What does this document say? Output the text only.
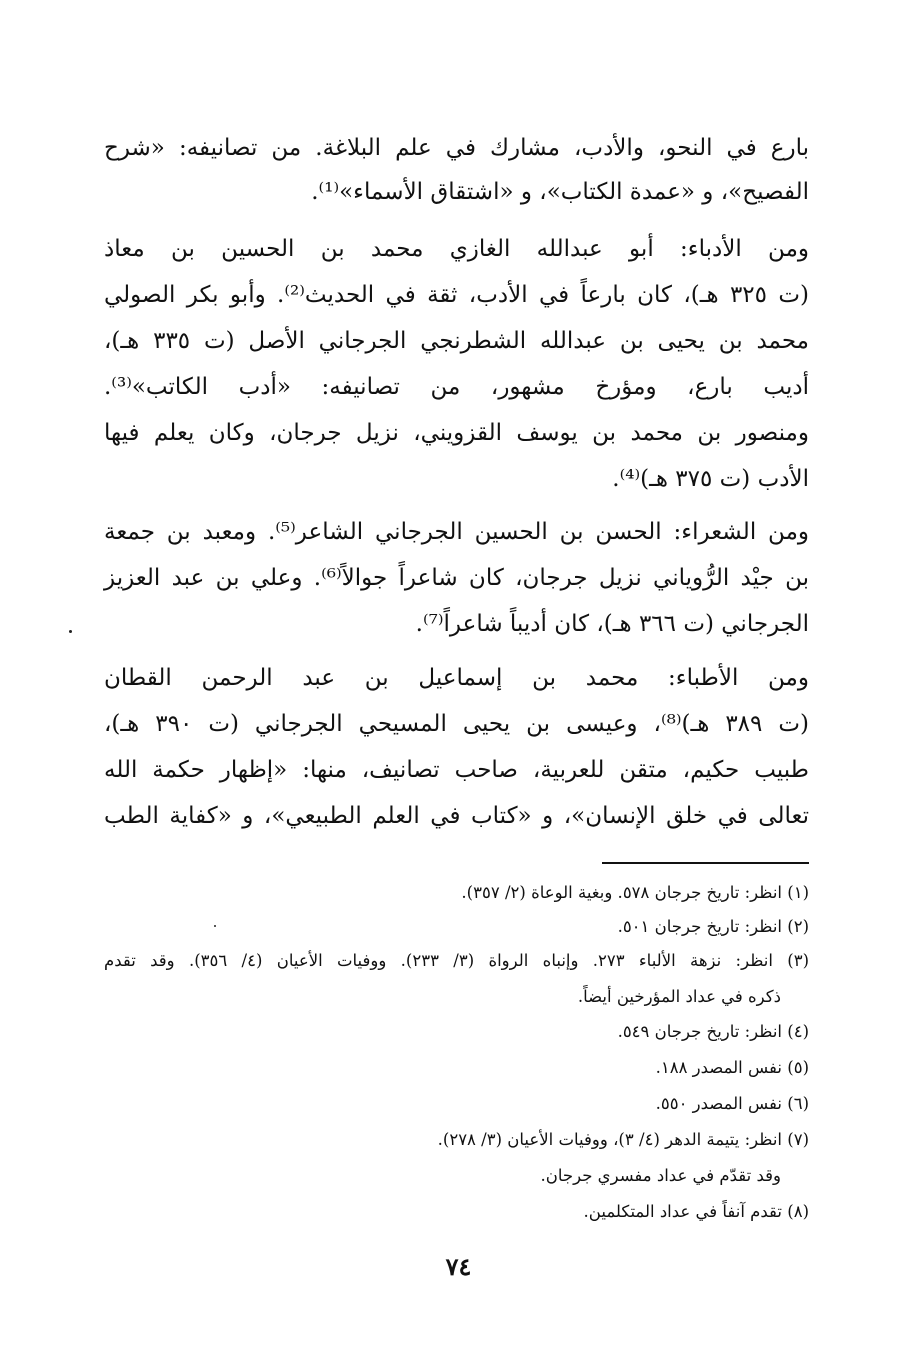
بارع في النحو، والأدب، مشارك في علم البلاغة. من تصانيفه: «شرح
الفصيح»، و «عمدة الكتاب»، و «اشتقاق الأسماء»⁽¹⁾.
ومن الأدباء: أبو عبدالله الغازي محمد بن الحسين بن معاذ
(ت ٣٢٥ هـ)، كان بارعاً في الأدب، ثقة في الحديث⁽²⁾. وأبو بكر الصولي
محمد بن يحيى بن عبدالله الشطرنجي الجرجاني الأصل (ت ٣٣٥ هـ)،
أديب بارع، ومؤرخ مشهور، من تصانيفه: «أدب الكاتب»⁽³⁾.
ومنصور بن محمد بن يوسف القزويني، نزيل جرجان، وكان يعلم فيها
الأدب (ت ٣٧٥ هـ)⁽⁴⁾.
ومن الشعراء: الحسن بن الحسين الجرجاني الشاعر⁽⁵⁾. ومعبد بن جمعة
بن جيْد الرُّوياني نزيل جرجان، كان شاعراً جوالاً⁽⁶⁾. وعلي بن عبد العزيز
الجرجاني (ت ٣٦٦ هـ)، كان أديباً شاعراً⁽⁷⁾.
ومن الأطباء: محمد بن إسماعيل بن عبد الرحمن القطان
(ت ٣٨٩ هـ)⁽⁸⁾، وعيسى بن يحيى المسيحي الجرجاني (ت ٣٩٠ هـ)،
طبيب حكيم، متقن للعربية، صاحب تصانيف، منها: «إظهار حكمة الله
تعالى في خلق الإنسان»، و «كتاب في العلم الطبيعي»، و «كفاية الطب
(١) انظر: تاريخ جرجان ٥٧٨. وبغية الوعاة (٢/ ٣٥٧).
(٢) انظر: تاريخ جرجان ٥٠١.
(٣) انظر: نزهة الألباء ٢٧٣. وإنباه الرواة (٣/ ٢٣٣). ووفيات الأعيان (٤/ ٣٥٦). وقد تقدم
ذكره في عداد المؤرخين أيضاً.
(٤) انظر: تاريخ جرجان ٥٤٩.
(٥) نفس المصدر ١٨٨.
(٦) نفس المصدر ٥٥٠.
(٧) انظر: يتيمة الدهر (٤/ ٣)، ووفيات الأعيان (٣/ ٢٧٨).
وقد تقدّم في عداد مفسري جرجان.
(٨) تقدم آنفاً في عداد المتكلمين.
٧٤
